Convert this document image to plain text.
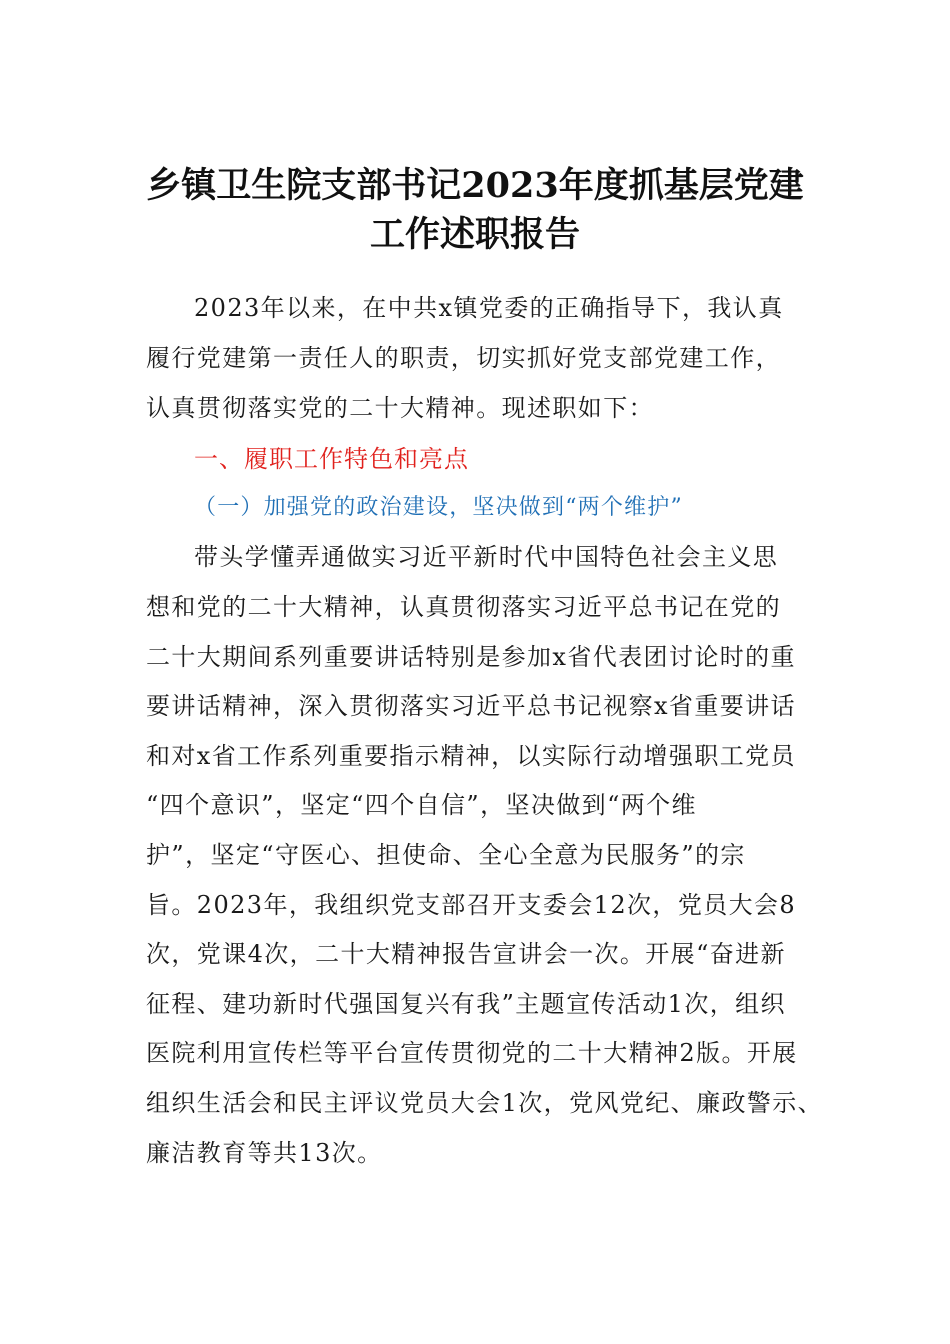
乡镇卫生院支部书记2023年度抓基层党建
工作述职报告
2023年以来，在中共x镇党委的正确指导下，我认真
履行党建第一责任人的职责，切实抓好党支部党建工作，
认真贯彻落实党的二十大精神。现述职如下：
一、履职工作特色和亮点
（一）加强党的政治建设，坚决做到“两个维护”
带头学懂弄通做实习近平新时代中国特色社会主义思
想和党的二十大精神，认真贯彻落实习近平总书记在党的
二十大期间系列重要讲话特别是参加x省代表团讨论时的重
要讲话精神，深入贯彻落实习近平总书记视察x省重要讲话
和对x省工作系列重要指示精神，以实际行动增强职工党员
“四个意识”，坚定“四个自信”，坚决做到“两个维
护”，坚定“守医心、担使命、全心全意为民服务”的宗
旨。2023年，我组织党支部召开支委会12次，党员大会8
次，党课4次，二十大精神报告宣讲会一次。开展“奋进新
征程、建功新时代强国复兴有我”主题宣传活动1次，组织
医院利用宣传栏等平台宣传贯彻党的二十大精神2版。开展
组织生活会和民主评议党员大会1次，党风党纪、廉政警示、
廉洁教育等共13次。
